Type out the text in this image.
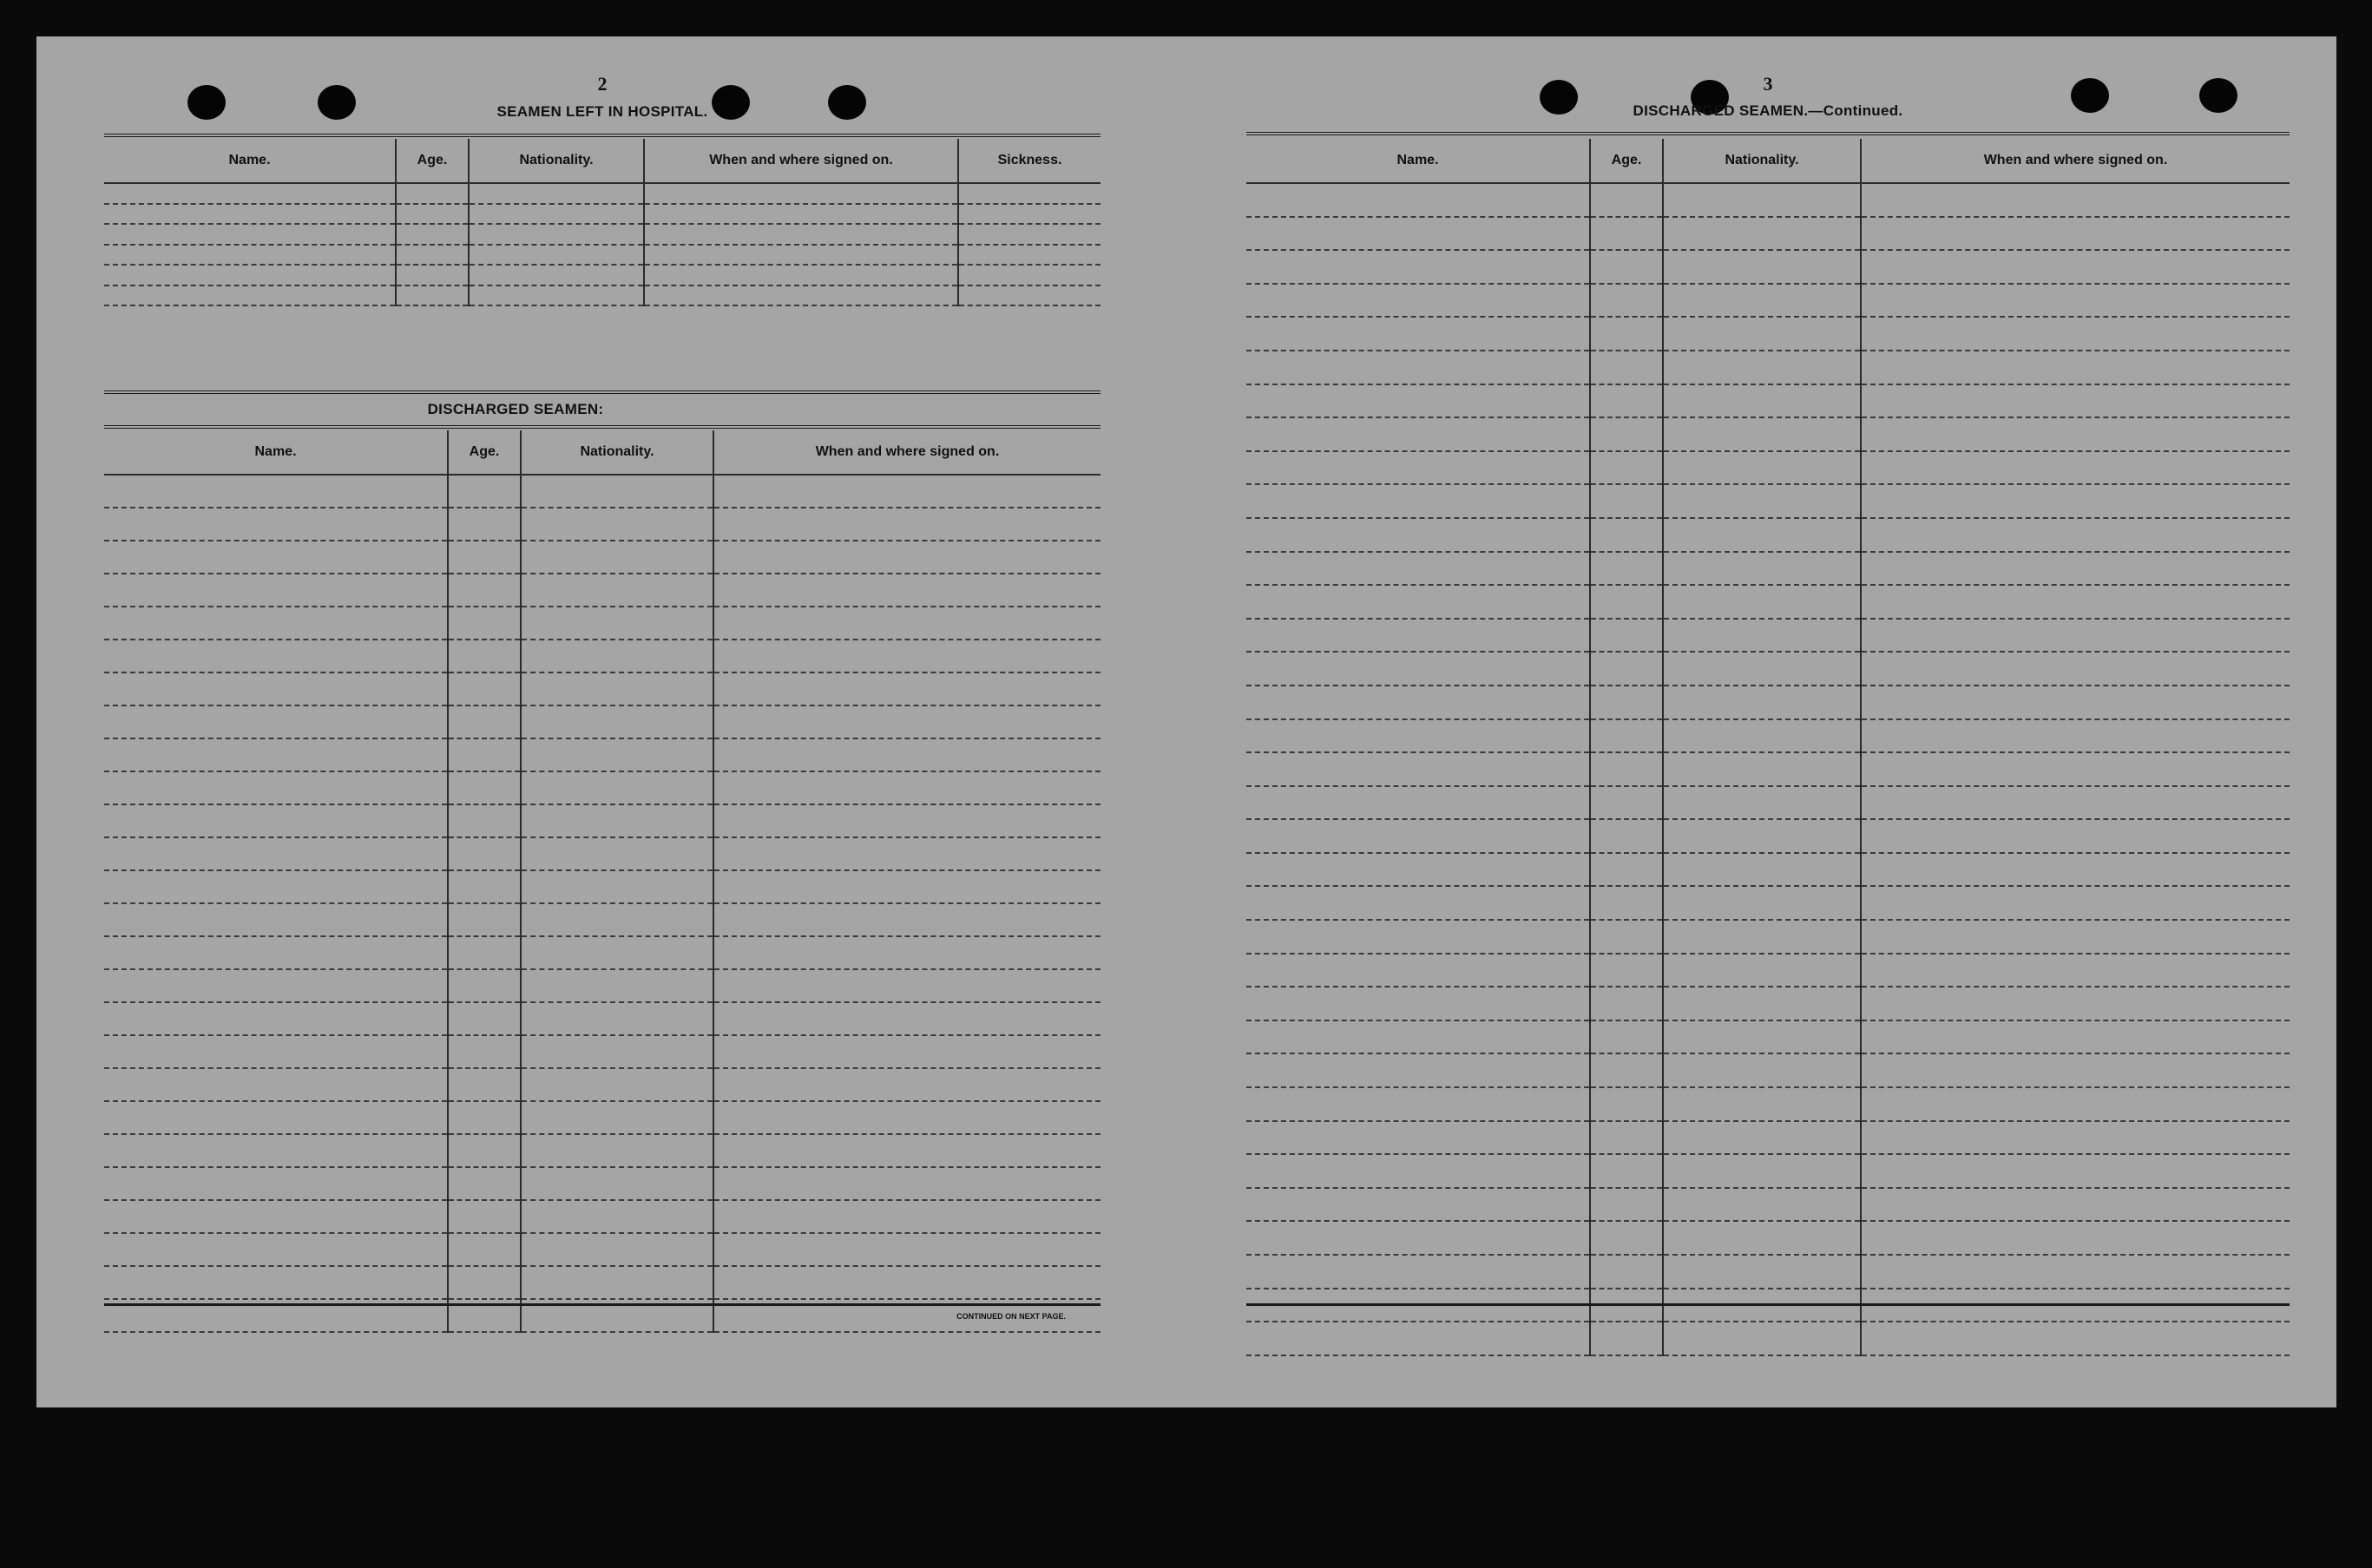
2
SEAMEN LEFT IN HOSPITAL.
Name.	Age.	Nationality.	When and where signed on.	Sickness.

DISCHARGED SEAMEN:
Name.	Age.	Nationality.	When and where signed on.

CONTINUED ON NEXT PAGE.
3
DISCHARGED SEAMEN.—Continued.
Name.	Age.	Nationality.	When and where signed on.
